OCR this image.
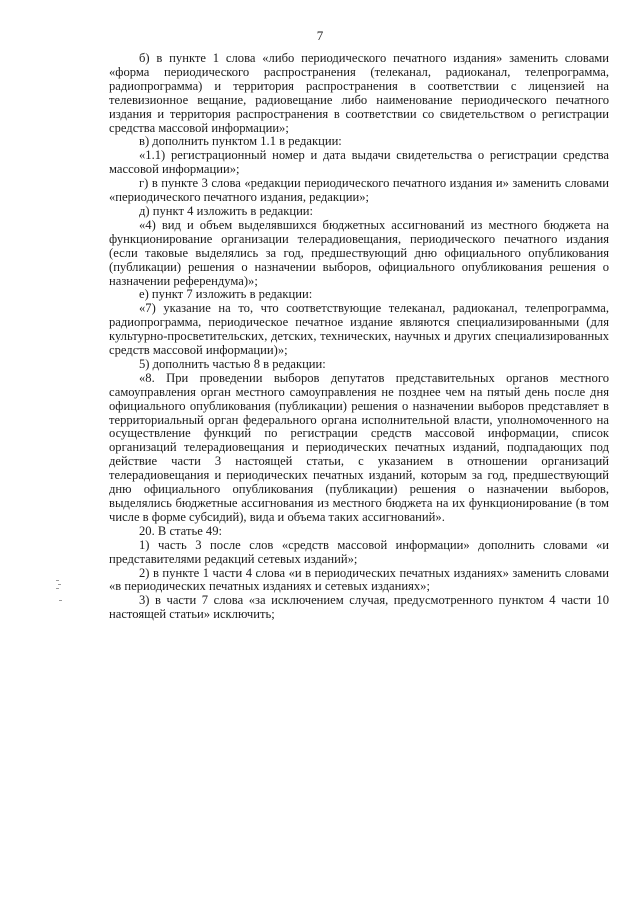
7

б) в пункте 1 слова «либо периодического печатного издания» заменить словами «форма периодического распространения (телеканал, радиоканал, телепрограмма, радиопрограмма) и территория распространения в соответствии с лицензией на телевизионное вещание, радиовещание либо наименование периодического печатного издания и территория распространения в соответствии со свидетельством о регистрации средства массовой информации»;

в) дополнить пунктом 1.1 в редакции:

«1.1) регистрационный номер и дата выдачи свидетельства о регистрации средства массовой информации»;

г) в пункте 3 слова «редакции периодического печатного издания и» заменить словами «периодического печатного издания, редакции»;

д) пункт 4 изложить в редакции:

«4) вид и объем выделявшихся бюджетных ассигнований из местного бюджета на функционирование организации телерадиовещания, периодического печатного издания (если таковые выделялись за год, предшествующий дню официального опубликования (публикации) решения о назначении выборов, официального опубликования решения о назначении референдума)»;

е) пункт 7 изложить в редакции:

«7) указание на то, что соответствующие телеканал, радиоканал, телепрограмма, радиопрограмма, периодическое печатное издание являются специализированными (для культурно-просветительских, детских, технических, научных и других специализированных средств массовой информации)»;

5) дополнить частью 8 в редакции:

«8. При проведении выборов депутатов представительных органов местного самоуправления орган местного самоуправления не позднее чем на пятый день после дня официального опубликования (публикации) решения о назначении выборов представляет в территориальный орган федерального органа исполнительной власти, уполномоченного на осуществление функций по регистрации средств массовой информации, список организаций телерадиовещания и периодических печатных изданий, подпадающих под действие части 3 настоящей статьи, с указанием в отношении организаций телерадиовещания и периодических печатных изданий, которым за год, предшествующий дню официального опубликования (публикации) решения о назначении выборов, выделялись бюджетные ассигнования из местного бюджета на их функционирование (в том числе в форме субсидий), вида и объема таких ассигнований».

20. В статье 49:

1) часть 3 после слов «средств массовой информации» дополнить словами «и представителями редакций сетевых изданий»;

2) в пункте 1 части 4 слова «и в периодических печатных изданиях» заменить словами «в периодических печатных изданиях и сетевых изданиях»;

3) в части 7 слова «за исключением случая, предусмотренного пунктом 4 части 10 настоящей статьи» исключить;
